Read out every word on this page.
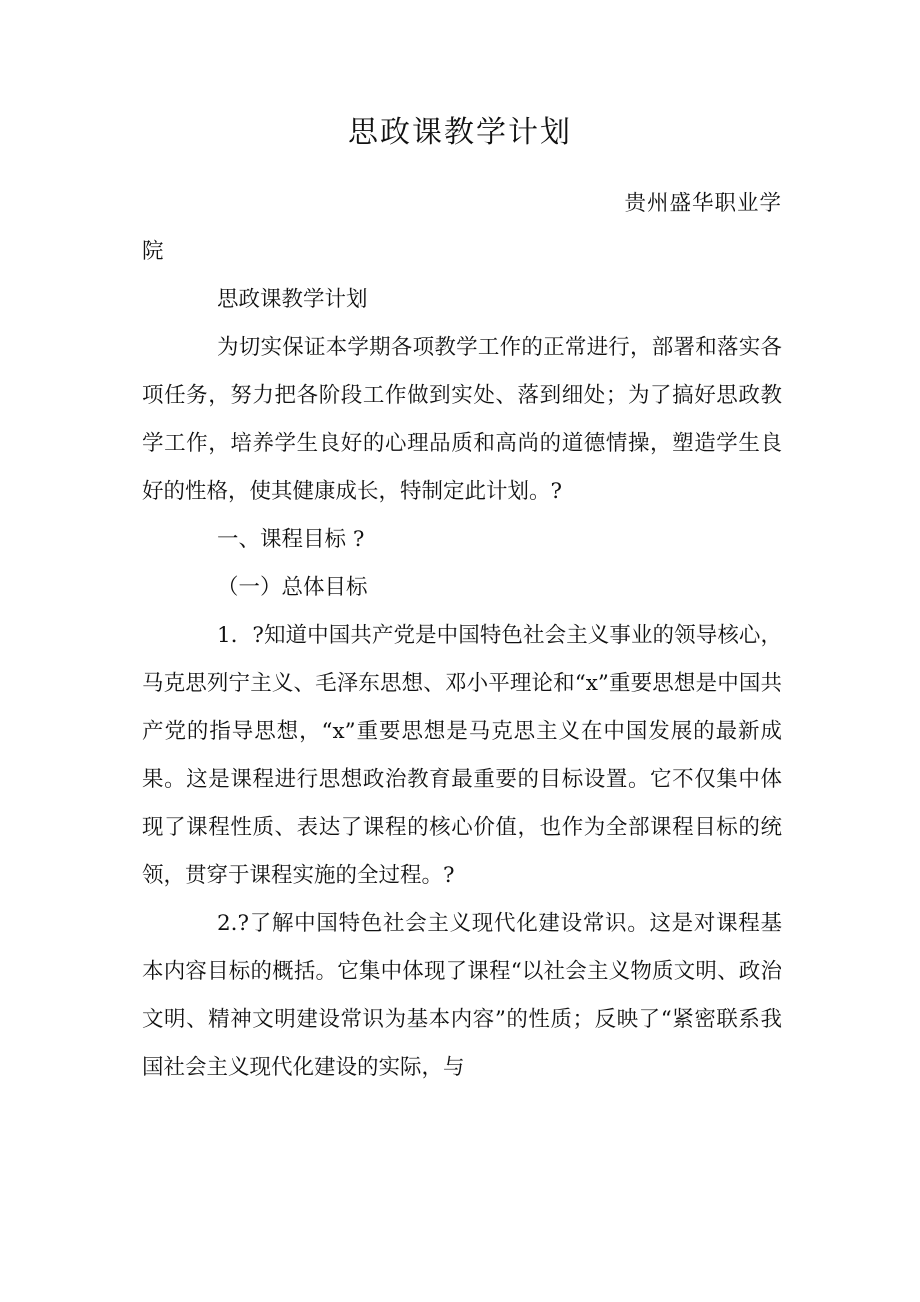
思政课教学计划

贵州盛华职业学

院

思政课教学计划

为切实保证本学期各项教学工作的正常进行，部署和落实各项任务，努力把各阶段工作做到实处、落到细处；为了搞好思政教学工作，培养学生良好的心理品质和高尚的道德情操，塑造学生良好的性格，使其健康成长，特制定此计划。?

一、课程目标 ?

（一）总体目标

1．?知道中国共产党是中国特色社会主义事业的领导核心，马克思列宁主义、毛泽东思想、邓小平理论和“x”重要思想是中国共产党的指导思想，“x”重要思想是马克思主义在中国发展的最新成果。这是课程进行思想政治教育最重要的目标设置。它不仅集中体现了课程性质、表达了课程的核心价值，也作为全部课程目标的统领，贯穿于课程实施的全过程。?

2.?了解中国特色社会主义现代化建设常识。这是对课程基本内容目标的概括。它集中体现了课程“以社会主义物质文明、政治文明、精神文明建设常识为基本内容”的性质；反映了“紧密联系我国社会主义现代化建设的实际，与
